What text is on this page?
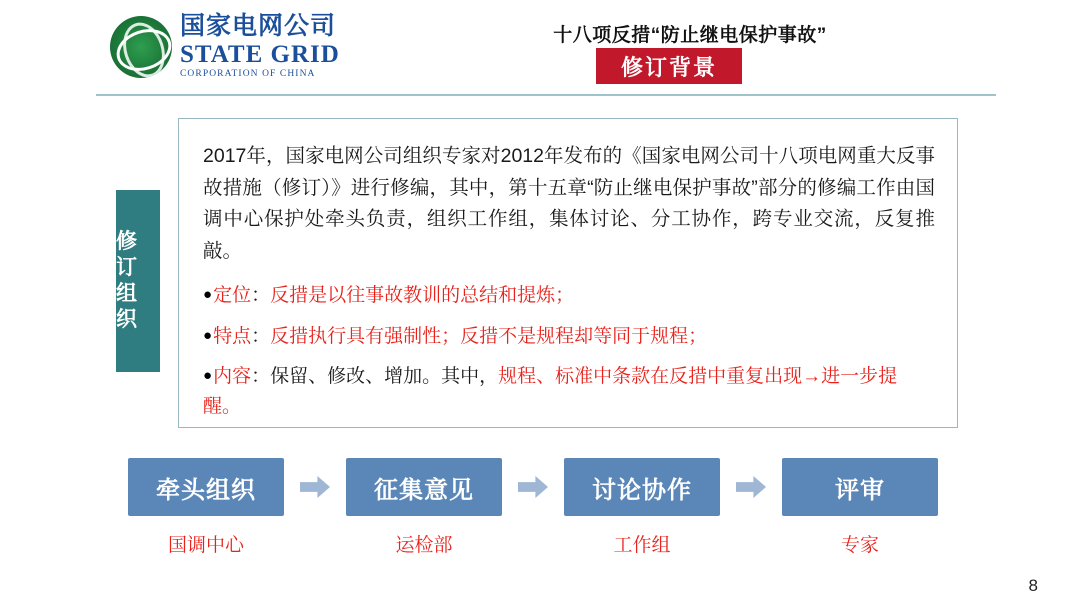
国家电网公司
STATE GRID
CORPORATION OF CHINA
十八项反措“防止继电保护事故”
修订背景
修订组织
2017年，国家电网公司组织专家对2012年发布的《国家电网公司十八项电网重大反事故措施（修订）》进行修编，其中，第十五章“防止继电保护事故”部分的修编工作由国调中心保护处牵头负责，组织工作组，集体讨论、分工协作，跨专业交流，反复推敲。
●定位：反措是以往事故教训的总结和提炼；
●特点：反措执行具有强制性；反措不是规程却等同于规程；
●内容：保留、修改、增加。其中，规程、标准中条款在反措中重复出现→进一步提醒。
牵头组织	征集意见	讨论协作	评审
国调中心	运检部	工作组	专家
8
